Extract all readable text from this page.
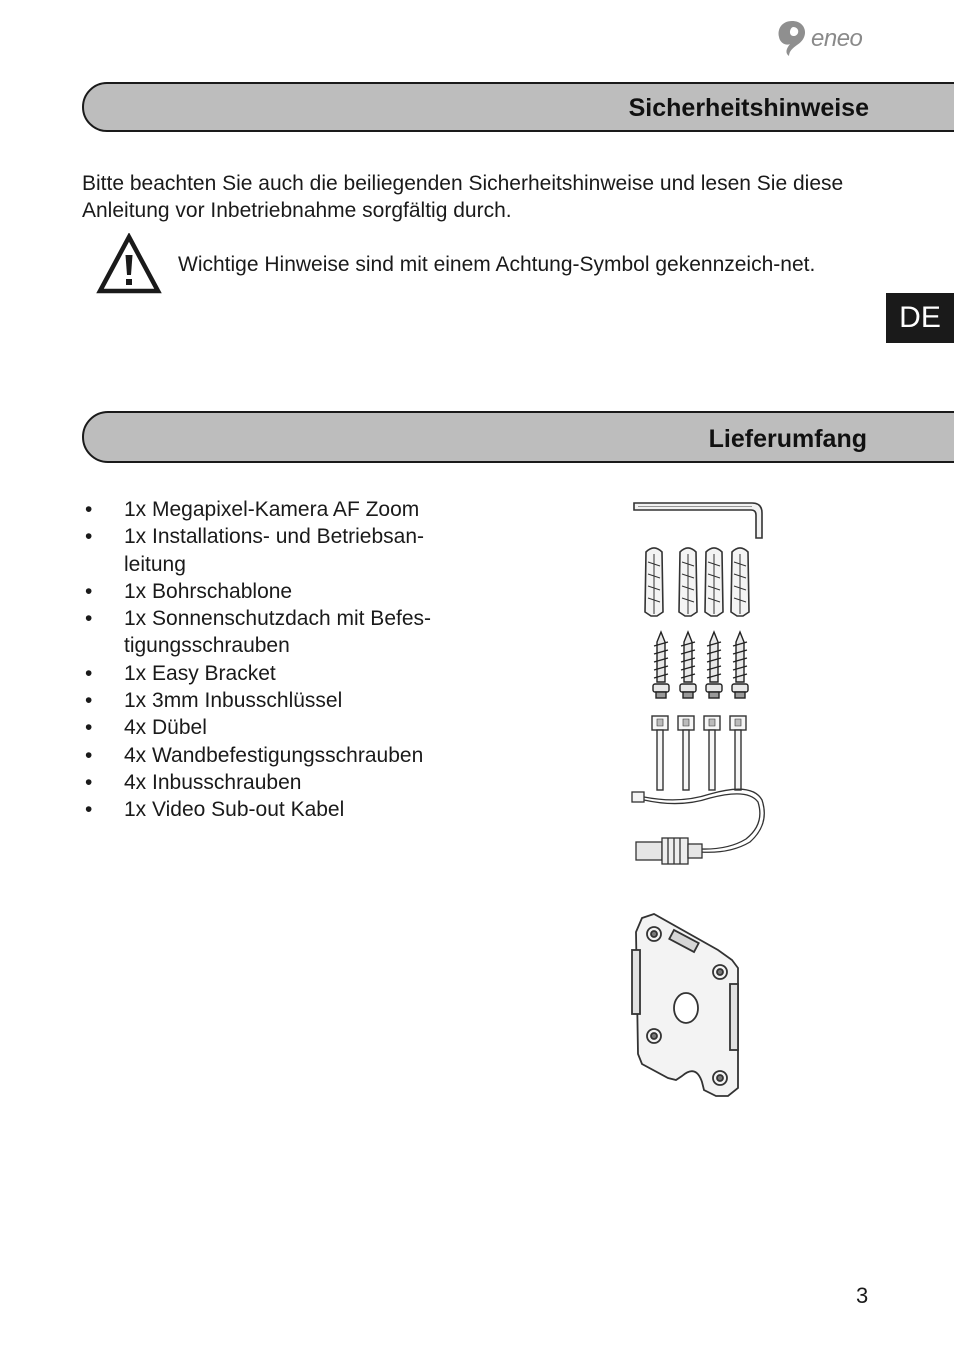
eneo
Sicherheitshinweise
Bitte beachten Sie auch die beiliegenden Sicherheitshinweise und lesen Sie diese Anleitung vor Inbetriebnahme sorgfältig durch.
Wichtige Hinweise sind mit einem Achtung-Symbol gekennzeich-net.
DE
Lieferumfang
• 1x Megapixel-Kamera AF Zoom
• 1x Installations- und Betriebsan-leitung
• 1x Bohrschablone
• 1x Sonnenschutzdach mit Befes-tigungsschrauben
• 1x Easy Bracket
• 1x 3mm Inbusschlüssel
• 4x Dübel
• 4x Wandbefestigungsschrauben
• 4x Inbusschrauben
• 1x Video Sub-out Kabel
3
